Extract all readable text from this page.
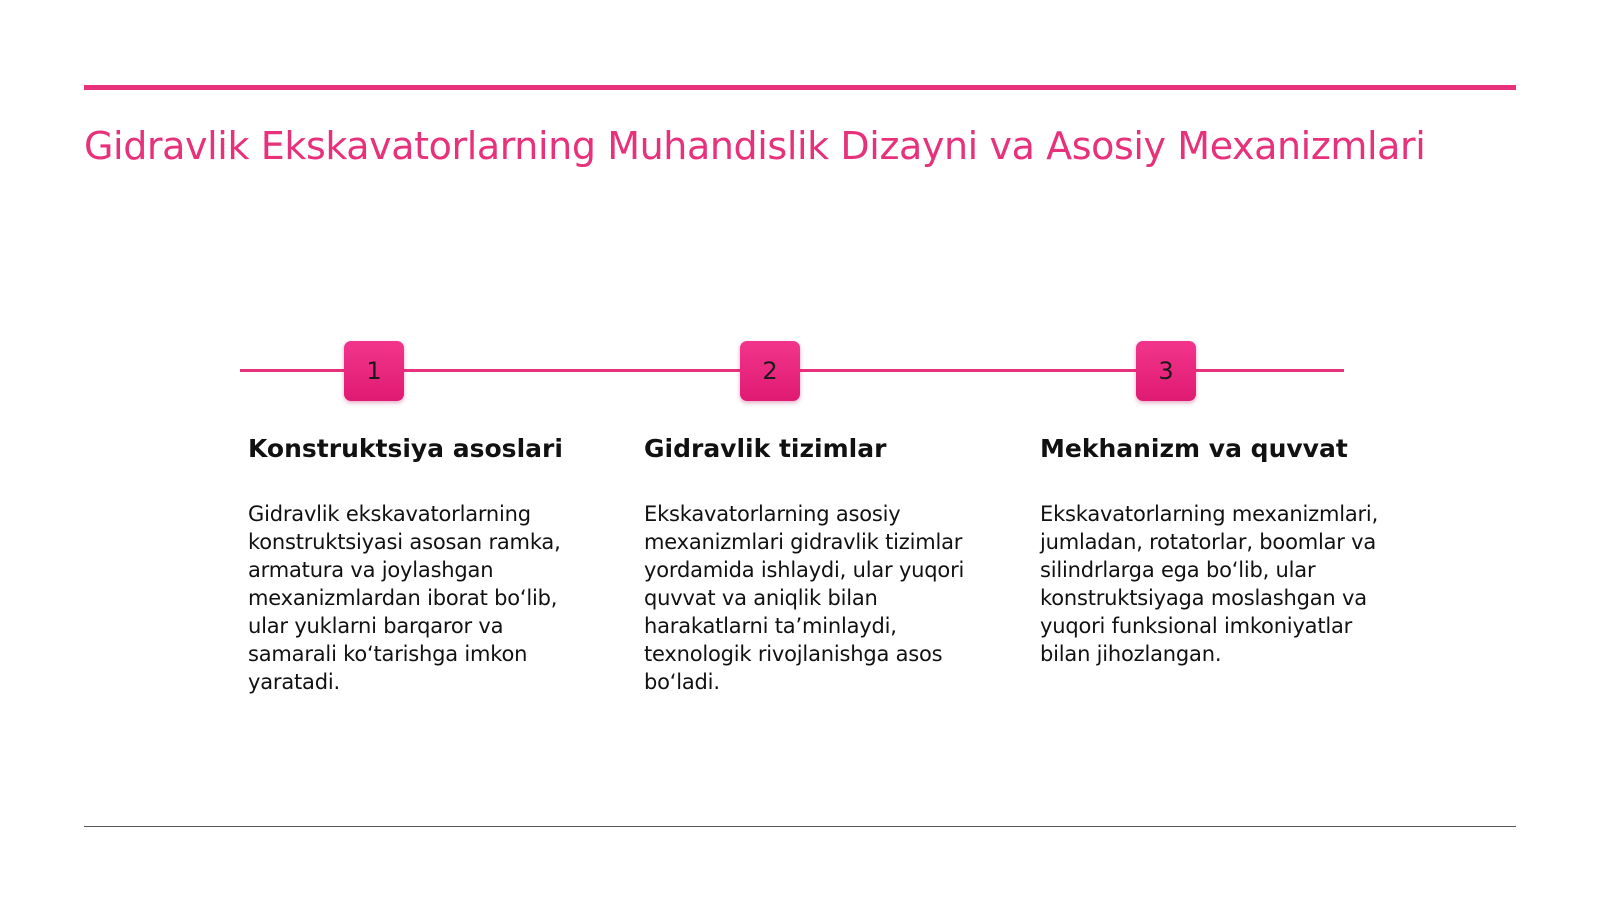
Gidravlik Ekskavatorlarning Muhandislik Dizayni va Asosiy Mexanizmlari
1	2	3
Konstruktsiya asoslari

Gidravlik ekskavatorlarning konstruktsiyasi asosan ramka, armatura va joylashgan mexanizmlardan iborat bo‘lib, ular yuklarni barqaror va samarali ko‘tarishga imkon yaratadi.

Gidravlik tizimlar

Ekskavatorlarning asosiy mexanizmlari gidravlik tizimlar yordamida ishlaydi, ular yuqori quvvat va aniqlik bilan harakatlarni ta’minlaydi, texnologik rivojlanishga asos bo‘ladi.

Mekhanizm va quvvat

Ekskavatorlarning mexanizmlari, jumladan, rotatorlar, boomlar va silindrlarga ega bo‘lib, ular konstruktsiyaga moslashgan va yuqori funksional imkoniyatlar bilan jihozlangan.
